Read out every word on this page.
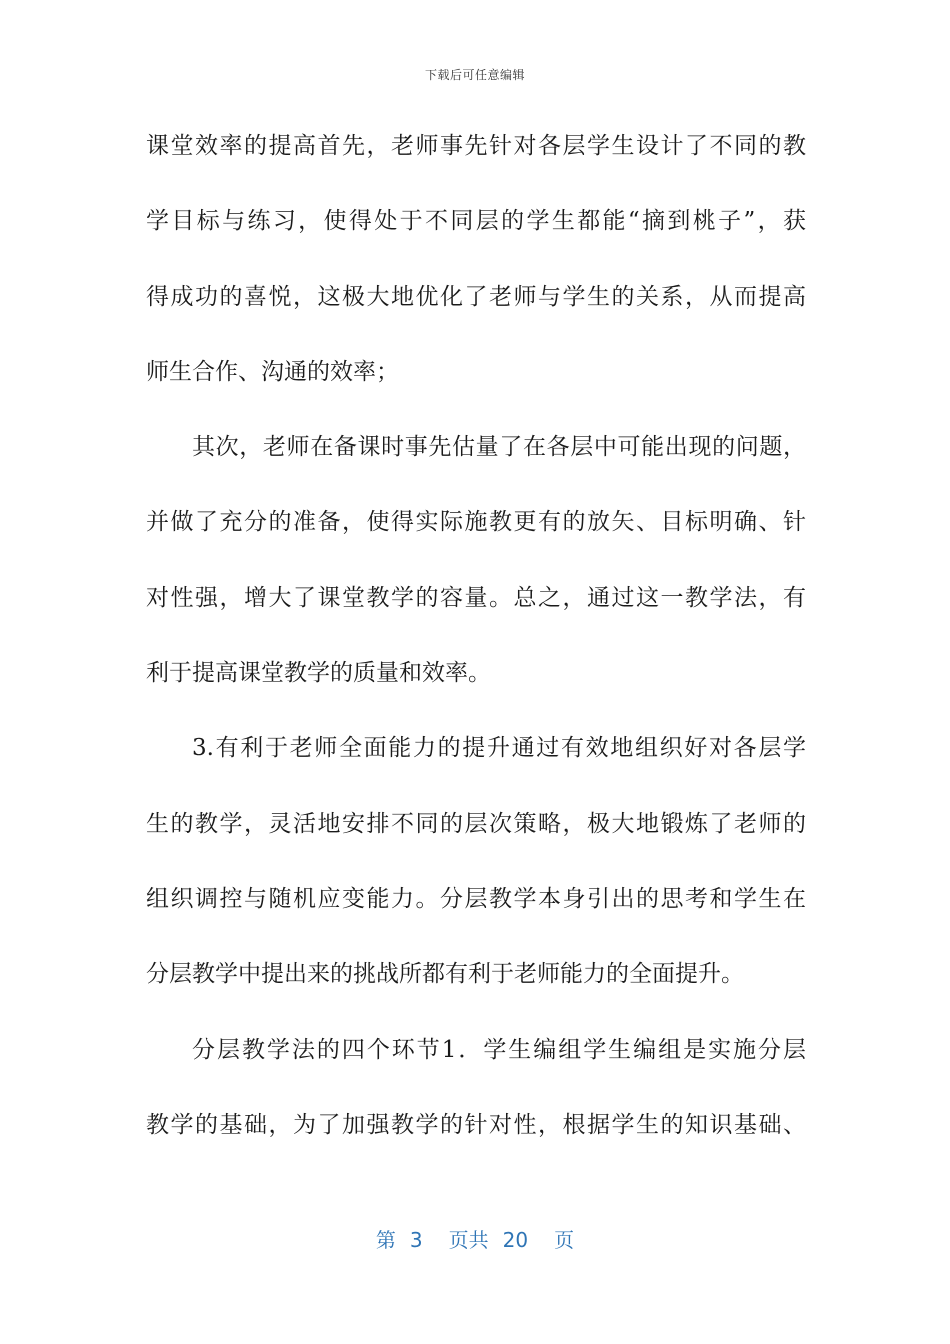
下载后可任意编辑
课堂效率的提高首先，老师事先针对各层学生设计了不同的教
学目标与练习，使得处于不同层的学生都能“摘到桃子”，获
得成功的喜悦，这极大地优化了老师与学生的关系，从而提高
师生合作、沟通的效率；
其次，老师在备课时事先估量了在各层中可能出现的问题，
并做了充分的准备，使得实际施教更有的放矢、目标明确、针
对性强，增大了课堂教学的容量。总之，通过这一教学法，有
利于提高课堂教学的质量和效率。
3.有利于老师全面能力的提升通过有效地组织好对各层学
生的教学，灵活地安排不同的层次策略，极大地锻炼了老师的
组织调控与随机应变能力。分层教学本身引出的思考和学生在
分层教学中提出来的挑战所都有利于老师能力的全面提升。
分层教学法的四个环节1．学生编组学生编组是实施分层
教学的基础，为了加强教学的针对性，根据学生的知识基础、
第 3 页共 20 页
